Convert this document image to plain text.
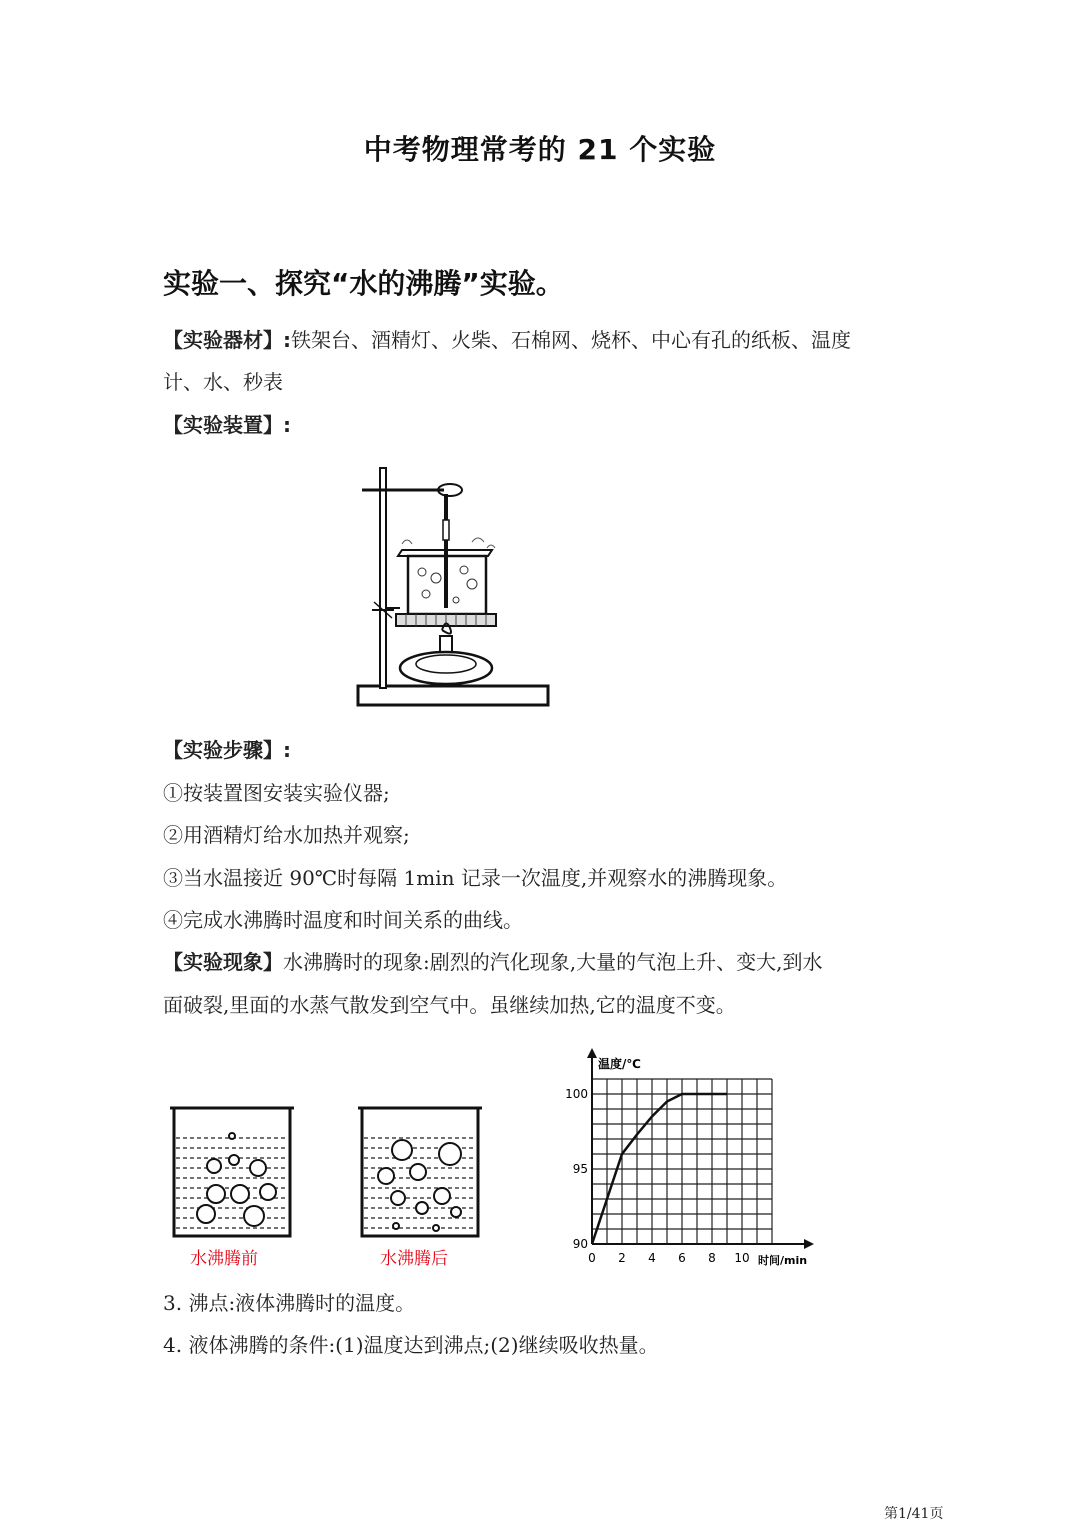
中考物理常考的 21 个实验
实验一、探究“水的沸腾”实验。
【实验器材】:铁架台、酒精灯、火柴、石棉网、烧杯、中心有孔的纸板、温度
计、水、秒表
【实验装置】:
【实验步骤】:
①按装置图安装实验仪器;
②用酒精灯给水加热并观察;
③当水温接近 90℃时每隔 1min 记录一次温度,并观察水的沸腾现象。
④完成水沸腾时温度和时间关系的曲线。
【实验现象】水沸腾时的现象:剧烈的汽化现象,大量的气泡上升、变大,到水
面破裂,里面的水蒸气散发到空气中。虽继续加热,它的温度不变。
水沸腾前	水沸腾后
温度/℃
时间/min
0 2 4 6 8 10
90
95
100
3. 沸点:液体沸腾时的温度。
4. 液体沸腾的条件:(1)温度达到沸点;(2)继续吸收热量。
第1/41页
